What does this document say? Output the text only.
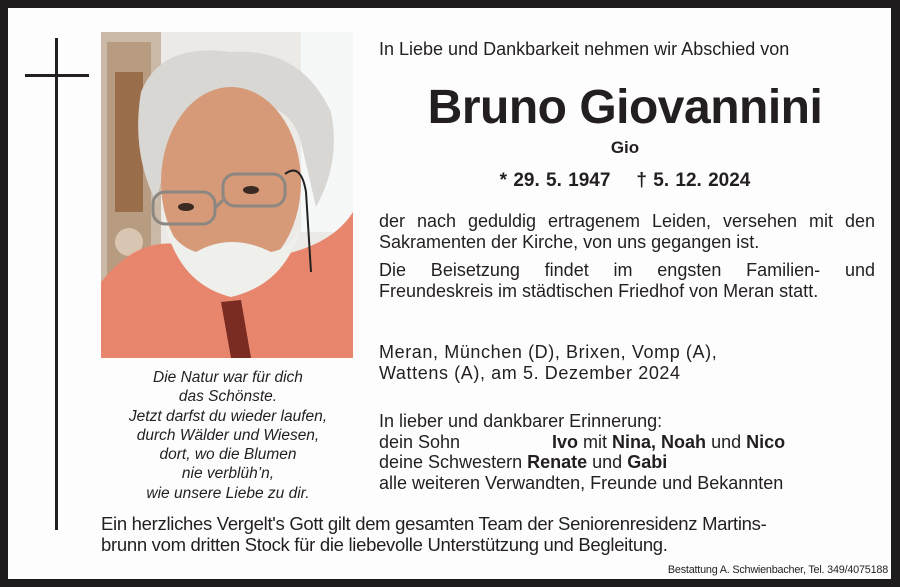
Die Natur war für dich
das Schönste.
Jetzt darfst du wieder laufen,
durch Wälder und Wiesen,
dort, wo die Blumen
nie verblüh’n,
wie unsere Liebe zu dir.
In Liebe und Dankbarkeit nehmen wir Abschied von
Bruno Giovannini
Gio
* 29. 5. 1947 † 5. 12. 2024
der nach geduldig ertragenem Leiden, versehen mit den Sakramenten der Kirche, von uns gegangen ist.
Die Beisetzung findet im engsten Familien- und Freundeskreis im städtischen Friedhof von Meran statt.
Meran, München (D), Brixen, Vomp (A),
Wattens (A), am 5. Dezember 2024
In lieber und dankbarer Erinnerung:
dein Sohn	Ivo mit Nina, Noah und Nico
deine Schwestern Renate und Gabi
alle weiteren Verwandten, Freunde und Bekannten
Ein herzliches Vergelt's Gott gilt dem gesamten Team der Seniorenresidenz Martins-
brunn vom dritten Stock für die liebevolle Unterstützung und Begleitung.
Bestattung A. Schwienbacher, Tel. 349/4075188
